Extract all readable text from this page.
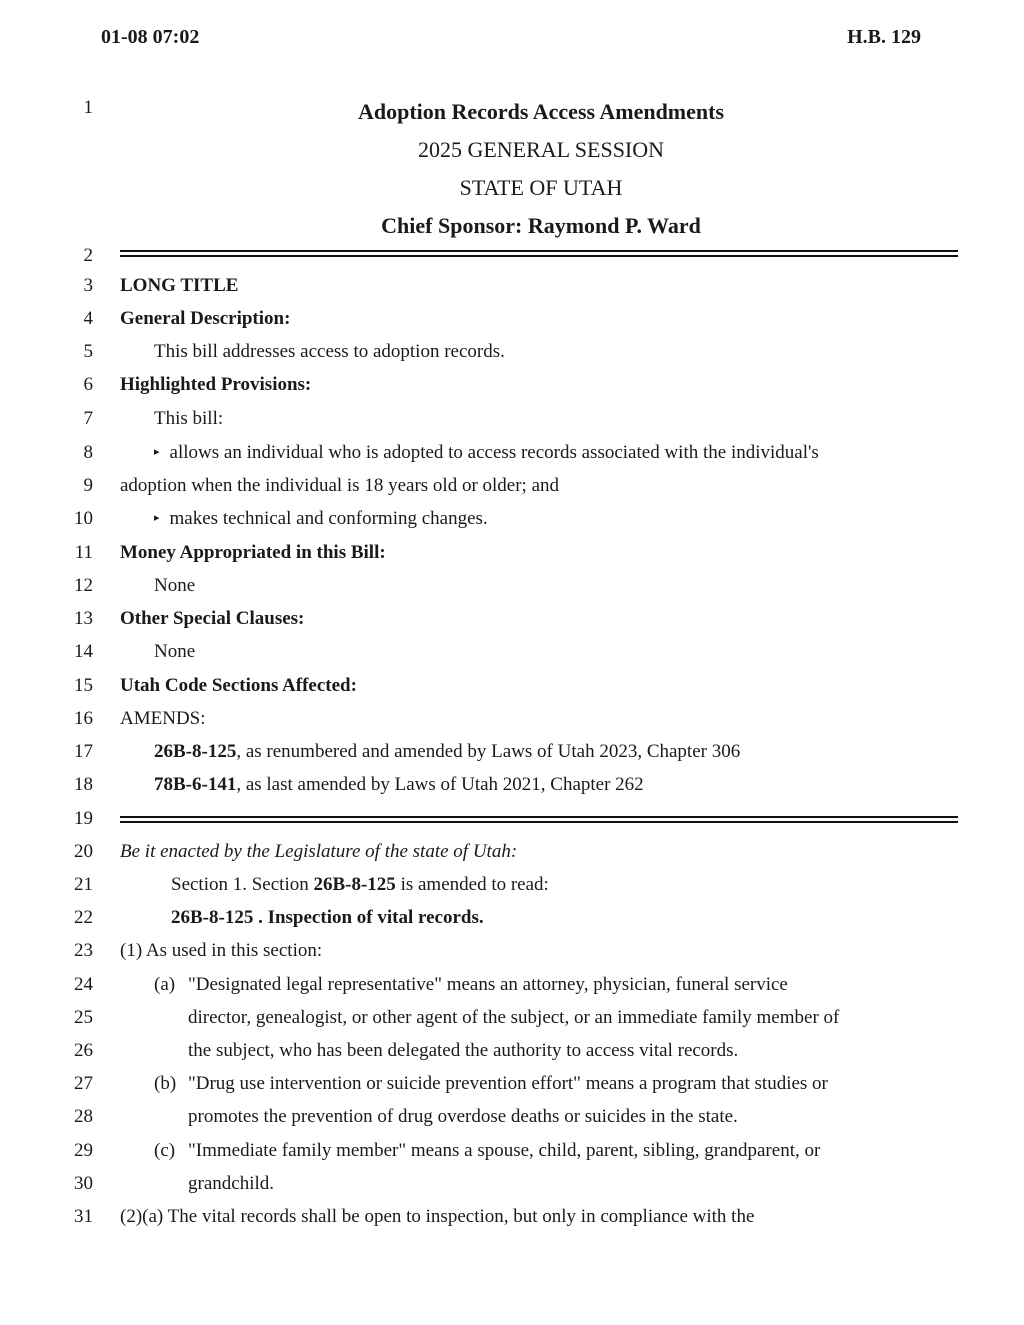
01-08 07:02	H.B. 129
1
2
3
4
5
6
7
8
9
10
11
12
13
14
15
16
17
18
19
20
21
22
23
24
25
26
27
28
29
30
31
Adoption Records Access Amendments
2025 GENERAL SESSION
STATE OF UTAH
Chief Sponsor: Raymond P. Ward
LONG TITLE
General Description:
This bill addresses access to adoption records.
Highlighted Provisions:
This bill:
▸ allows an individual who is adopted to access records associated with the individual's
adoption when the individual is 18 years old or older; and
▸ makes technical and conforming changes.
Money Appropriated in this Bill:
None
Other Special Clauses:
None
Utah Code Sections Affected:
AMENDS:
26B-8-125, as renumbered and amended by Laws of Utah 2023, Chapter 306
78B-6-141, as last amended by Laws of Utah 2021, Chapter 262
Be it enacted by the Legislature of the state of Utah:
Section 1. Section 26B-8-125 is amended to read:
26B-8-125 . Inspection of vital records.
(1) As used in this section:
(a) "Designated legal representative" means an attorney, physician, funeral service
director, genealogist, or other agent of the subject, or an immediate family member of
the subject, who has been delegated the authority to access vital records.
(b) "Drug use intervention or suicide prevention effort" means a program that studies or
promotes the prevention of drug overdose deaths or suicides in the state.
(c) "Immediate family member" means a spouse, child, parent, sibling, grandparent, or
grandchild.
(2)(a) The vital records shall be open to inspection, but only in compliance with the
